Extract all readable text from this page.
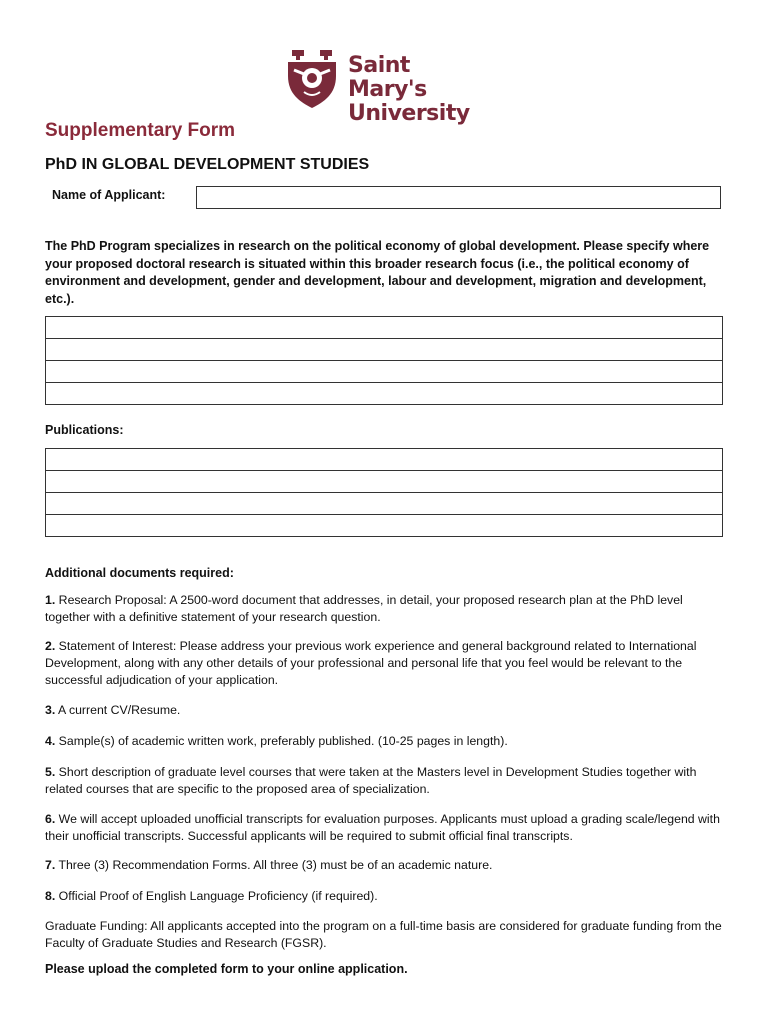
Saint Mary's
University
Supplementary Form
PhD IN GLOBAL DEVELOPMENT STUDIES
Name of Applicant:
The PhD Program specializes in research on the political economy of global development. Please specify where your proposed doctoral research is situated within this broader research focus (i.e., the political economy of environment and development, gender and development, labour and development, migration and development, etc.).
Publications:
Additional documents required:
1. Research Proposal: A 2500-word document that addresses, in detail, your proposed research plan at the PhD level together with a definitive statement of your research question.
2. Statement of Interest: Please address your previous work experience and general background related to International Development, along with any other details of your professional and personal life that you feel would be relevant to the successful adjudication of your application.
3. A current CV/Resume.
4. Sample(s) of academic written work, preferably published. (10-25 pages in length).
5. Short description of graduate level courses that were taken at the Masters level in Development Studies together with related courses that are specific to the proposed area of specialization.
6. We will accept uploaded unofficial transcripts for evaluation purposes. Applicants must upload a grading scale/legend with their unofficial transcripts. Successful applicants will be required to submit official final transcripts.
7. Three (3) Recommendation Forms. All three (3) must be of an academic nature.
8. Official Proof of English Language Proficiency (if required).
Graduate Funding: All applicants accepted into the program on a full-time basis are considered for graduate funding from the Faculty of Graduate Studies and Research (FGSR).
Please upload the completed form to your online application.
